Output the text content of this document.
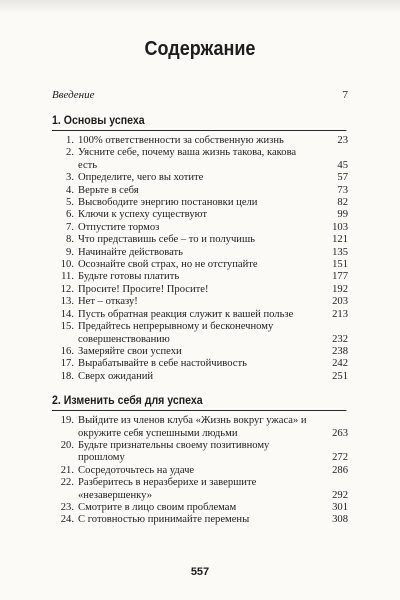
Содержание
Введение	7
1. Основы успеха
1. 100% ответственности за собственную жизнь	23
2. Уясните себе, почему ваша жизнь такова, какова есть	45
3. Определите, чего вы хотите	57
4. Верьте в себя	73
5. Высвободите энергию постановки цели	82
6. Ключи к успеху существуют	99
7. Отпустите тормоз	103
8. Что представишь себе – то и получишь	121
9. Начинайте действовать	135
10. Осознайте свой страх, но не отступайте	151
11. Будьте готовы платить	177
12. Просите! Просите! Просите!	192
13. Нет – отказу!	203
14. Пусть обратная реакция служит к вашей пользе	213
15. Предайтесь непрерывному и бесконечному совершенствованию	232
16. Замеряйте свои успехи	238
17. Вырабатывайте в себе настойчивость	242
18. Сверх ожиданий	251
2. Изменить себя для успеха
19. Выйдите из членов клуба «Жизнь вокруг ужаса» и окружите себя успешными людьми	263
20. Будьте признательны своему позитивному прошлому	272
21. Сосредоточьтесь на удаче	286
22. Разберитесь в неразберихе и завершите «незавершенку»	292
23. Смотрите в лицо своим проблемам	301
24. С готовностью принимайте перемены	308
557
